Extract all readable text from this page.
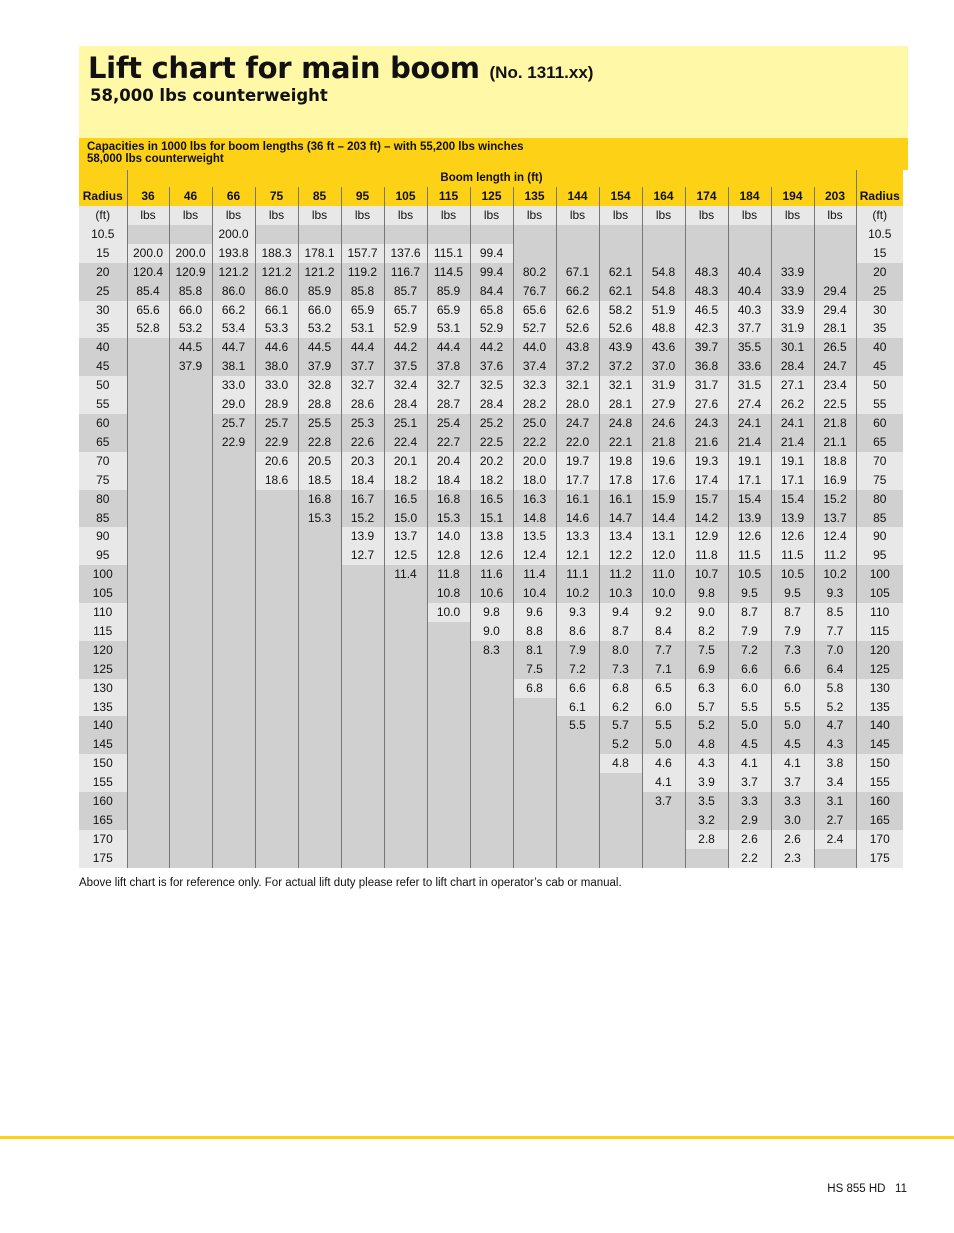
Lift chart for main boom (No. 1311.xx)
58,000 lbs counterweight
Capacities in 1000 lbs for boom lengths (36 ft – 203 ft) – with 55,200 lbs winches
58,000 lbs counterweight
	Boom length in (ft)																	
Radius	36	46	66	75	85	95	105	115	125	135	144	154	164	174	184	194	203	Radius
(ft)	lbs	lbs	lbs	lbs	lbs	lbs	lbs	lbs	lbs	lbs	lbs	lbs	lbs	lbs	lbs	lbs	lbs	(ft)
10.5			200.0															10.5
15	200.0	200.0	193.8	188.3	178.1	157.7	137.6	115.1	99.4									15
20	120.4	120.9	121.2	121.2	121.2	119.2	116.7	114.5	99.4	80.2	67.1	62.1	54.8	48.3	40.4	33.9		20
25	85.4	85.8	86.0	86.0	85.9	85.8	85.7	85.9	84.4	76.7	66.2	62.1	54.8	48.3	40.4	33.9	29.4	25
30	65.6	66.0	66.2	66.1	66.0	65.9	65.7	65.9	65.8	65.6	62.6	58.2	51.9	46.5	40.3	33.9	29.4	30
35	52.8	53.2	53.4	53.3	53.2	53.1	52.9	53.1	52.9	52.7	52.6	52.6	48.8	42.3	37.7	31.9	28.1	35
40		44.5	44.7	44.6	44.5	44.4	44.2	44.4	44.2	44.0	43.8	43.9	43.6	39.7	35.5	30.1	26.5	40
45		37.9	38.1	38.0	37.9	37.7	37.5	37.8	37.6	37.4	37.2	37.2	37.0	36.8	33.6	28.4	24.7	45
50			33.0	33.0	32.8	32.7	32.4	32.7	32.5	32.3	32.1	32.1	31.9	31.7	31.5	27.1	23.4	50
55			29.0	28.9	28.8	28.6	28.4	28.7	28.4	28.2	28.0	28.1	27.9	27.6	27.4	26.2	22.5	55
60			25.7	25.7	25.5	25.3	25.1	25.4	25.2	25.0	24.7	24.8	24.6	24.3	24.1	24.1	21.8	60
65			22.9	22.9	22.8	22.6	22.4	22.7	22.5	22.2	22.0	22.1	21.8	21.6	21.4	21.4	21.1	65
70				20.6	20.5	20.3	20.1	20.4	20.2	20.0	19.7	19.8	19.6	19.3	19.1	19.1	18.8	70
75				18.6	18.5	18.4	18.2	18.4	18.2	18.0	17.7	17.8	17.6	17.4	17.1	17.1	16.9	75
80					16.8	16.7	16.5	16.8	16.5	16.3	16.1	16.1	15.9	15.7	15.4	15.4	15.2	80
85					15.3	15.2	15.0	15.3	15.1	14.8	14.6	14.7	14.4	14.2	13.9	13.9	13.7	85
90						13.9	13.7	14.0	13.8	13.5	13.3	13.4	13.1	12.9	12.6	12.6	12.4	90
95						12.7	12.5	12.8	12.6	12.4	12.1	12.2	12.0	11.8	11.5	11.5	11.2	95
100							11.4	11.8	11.6	11.4	11.1	11.2	11.0	10.7	10.5	10.5	10.2	100
105								10.8	10.6	10.4	10.2	10.3	10.0	9.8	9.5	9.5	9.3	105
110								10.0	9.8	9.6	9.3	9.4	9.2	9.0	8.7	8.7	8.5	110
115									9.0	8.8	8.6	8.7	8.4	8.2	7.9	7.9	7.7	115
120									8.3	8.1	7.9	8.0	7.7	7.5	7.2	7.3	7.0	120
125										7.5	7.2	7.3	7.1	6.9	6.6	6.6	6.4	125
130										6.8	6.6	6.8	6.5	6.3	6.0	6.0	5.8	130
135											6.1	6.2	6.0	5.7	5.5	5.5	5.2	135
140											5.5	5.7	5.5	5.2	5.0	5.0	4.7	140
145												5.2	5.0	4.8	4.5	4.5	4.3	145
150												4.8	4.6	4.3	4.1	4.1	3.8	150
155													4.1	3.9	3.7	3.7	3.4	155
160													3.7	3.5	3.3	3.3	3.1	160
165														3.2	2.9	3.0	2.7	165
170														2.8	2.6	2.6	2.4	170
175															2.2	2.3		175
Above lift chart is for reference only. For actual lift duty please refer to lift chart in operator’s cab or manual.
HS 855 HD 11
